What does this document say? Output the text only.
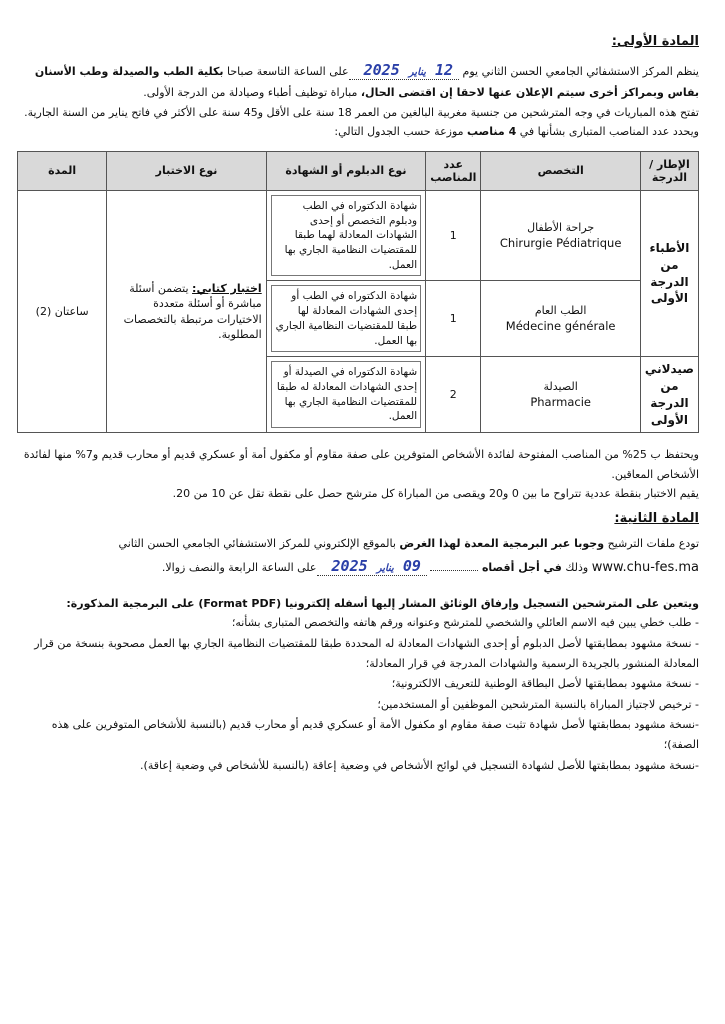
المادة الأولى:

ينظم المركز الاستشفائي الجامعي الحسن الثاني يوم 12 يناير 2025 على الساعة التاسعة صباحا بكلية الطب والصيدلة وطب الأسنان بفاس وبمراكز أخرى سيتم الإعلان عنها لاحقا إن اقتضى الحال، مباراة توظيف أطباء وصيادلة من الدرجة الأولى.

تفتح هذه المباريات في وجه المترشحين من جنسية مغربية البالغين من العمر 18 سنة على الأقل و45 سنة على الأكثر في فاتح يناير من السنة الجارية.

ويحدد عدد المناصب المتبارى بشأنها في 4 مناصب موزعة حسب الجدول التالي:

الإطار / الدرجة	التخصص	عدد المناصب	نوع الدبلوم أو الشهادة	نوع الاختبار	المدة
الأطباء من الدرجة الأولى	جراحة الأطفال
Chirurgie Pédiatrique	1	شهادة الدكتوراه في الطب ودبلوم التخصص أو إحدى الشهادات المعادلة لهما طبقا للمقتضيات النظامية الجاري بها العمل.	اختبار كتابي: يتضمن أسئلة مباشرة أو أسئلة متعددة الاختيارات مرتبطة بالتخصصات المطلوبة.	ساعتان (2)
	الطب العام
Médecine générale	1	شهادة الدكتوراه في الطب أو إحدى الشهادات المعادلة لها طبقا للمقتضيات النظامية الجاري بها العمل.		

صيدلاني من الدرجة الأولى	الصيدلة
Pharmacie	2	شهادة الدكتوراه في الصيدلة أو إحدى الشهادات المعادلة له طبقا للمقتضيات النظامية الجاري بها العمل.		

ويحتفظ ب 25% من المناصب المفتوحة لفائدة الأشخاص المتوفرين على صفة مقاوم أو مكفول أمة أو عسكري قديم أو محارب قديم و7% منها لفائدة الأشخاص المعاقين.

يقيم الاختبار بنقطة عددية تتراوح ما بين 0 و20 ويقصى من المباراة كل مترشح حصل على نقطة تقل عن 10 من 20.

المادة الثانية:

تودع ملفات الترشيح وجوبا عبر البرمجية المعدة لهذا الغرض بالموقع الإلكتروني للمركز الاستشفائي الجامعي الحسن الثاني

www.chu-fes.ma وذلك في أجل أقصاه  09 يناير 2025 على الساعة الرابعة والنصف زوالا.

ويتعين على المترشحين التسجيل وإرفاق الوثائق المشار إليها أسفله إلكترونيا (Format PDF) على البرمجية المذكورة:

- طلب خطي يبين فيه الاسم العائلي والشخصي للمترشح وعنوانه ورقم هاتفه والتخصص المتبارى بشأنه؛

- نسخة مشهود بمطابقتها لأصل الدبلوم أو إحدى الشهادات المعادلة له المحددة طبقا للمقتضيات النظامية الجاري بها العمل مصحوبة بنسخة من قرار المعادلة المنشور بالجريدة الرسمية والشهادات المدرجة في قرار المعادلة؛

- نسخة مشهود بمطابقتها لأصل البطاقة الوطنية للتعريف الالكترونية؛

- ترخيص لاجتياز المباراة بالنسبة المترشحين الموظفين أو المستخدمين؛

-نسخة مشهود بمطابقتها لأصل شهادة تثبت صفة مقاوم او مكفول الأمة أو عسكري قديم أو محارب قديم (بالنسبة للأشخاص المتوفرين على هذه الصفة)؛

-نسخة مشهود بمطابقتها للأصل لشهادة التسجيل في لوائح الأشخاص في وضعية إعاقة (بالنسبة للأشخاص في وضعية إعاقة).
